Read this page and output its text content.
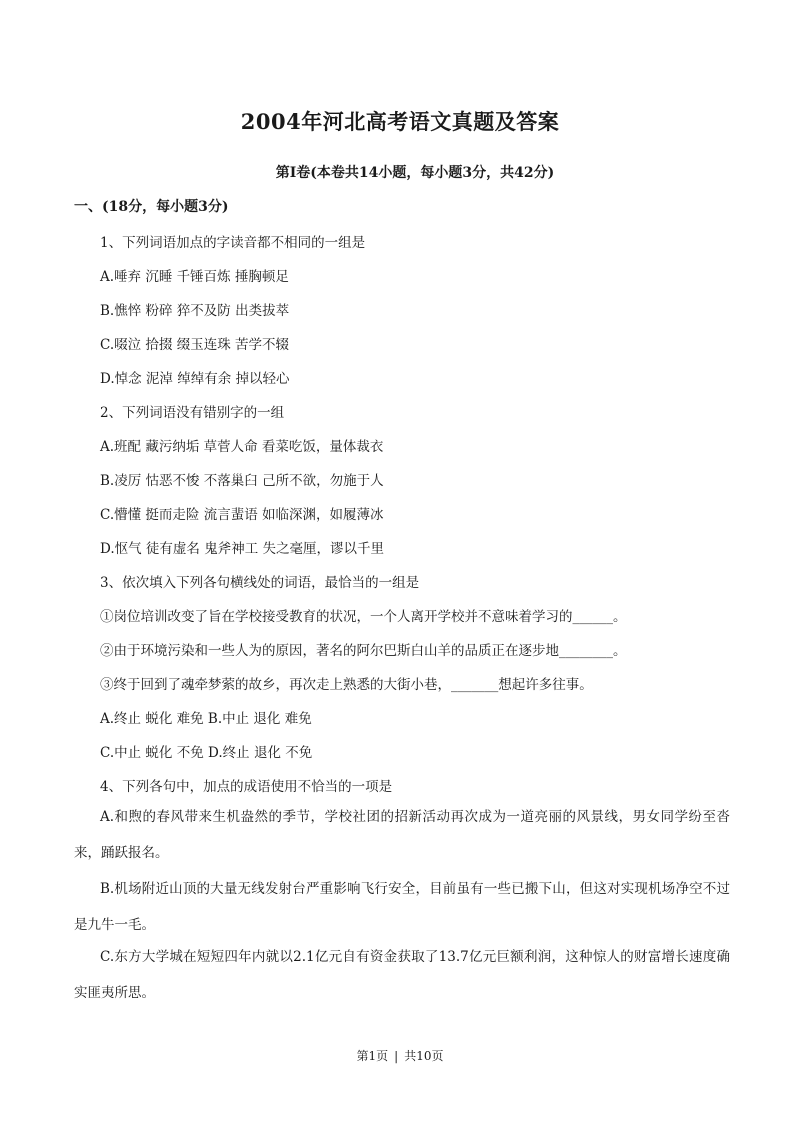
2004年河北高考语文真题及答案
第Ⅰ卷(本卷共14小题，每小题3分，共42分)
一、(18分，每小题3分)
1、下列词语加点的字读音都不相同的一组是
A.唾弃 沉睡 千锤百炼 捶胸顿足
B.憔悴 粉碎 猝不及防 出类拔萃
C.啜泣 拾掇 缀玉连珠 苦学不辍
D.悼念 泥淖 绰绰有余 掉以轻心
2、下列词语没有错别字的一组
A.班配 藏污纳垢 草菅人命 看菜吃饭，量体裁衣
B.凌厉 怙恶不悛 不落巢臼 己所不欲，勿施于人
C.懵懂 挺而走险 流言蜚语 如临深渊，如履薄冰
D.怄气 徒有虚名 鬼斧神工 失之毫厘，谬以千里
3、依次填入下列各句横线处的词语，最恰当的一组是
①岗位培训改变了旨在学校接受教育的状况，一个人离开学校并不意味着学习的______。
②由于环境污染和一些人为的原因，著名的阿尔巴斯白山羊的品质正在逐步地________。
③终于回到了魂牵梦萦的故乡，再次走上熟悉的大街小巷，_______想起许多往事。
A.终止 蜕化 难免 B.中止 退化 难免
C.中止 蜕化 不免 D.终止 退化 不免
4、下列各句中，加点的成语使用不恰当的一项是
A.和煦的春风带来生机盎然的季节，学校社团的招新活动再次成为一道亮丽的风景线，男女同学纷至沓来，踊跃报名。
B.机场附近山顶的大量无线发射台严重影响飞行安全，目前虽有一些已搬下山，但这对实现机场净空不过是九牛一毛。
C.东方大学城在短短四年内就以2.1亿元自有资金获取了13.7亿元巨额利润，这种惊人的财富增长速度确实匪夷所思。
第1页 | 共10页
